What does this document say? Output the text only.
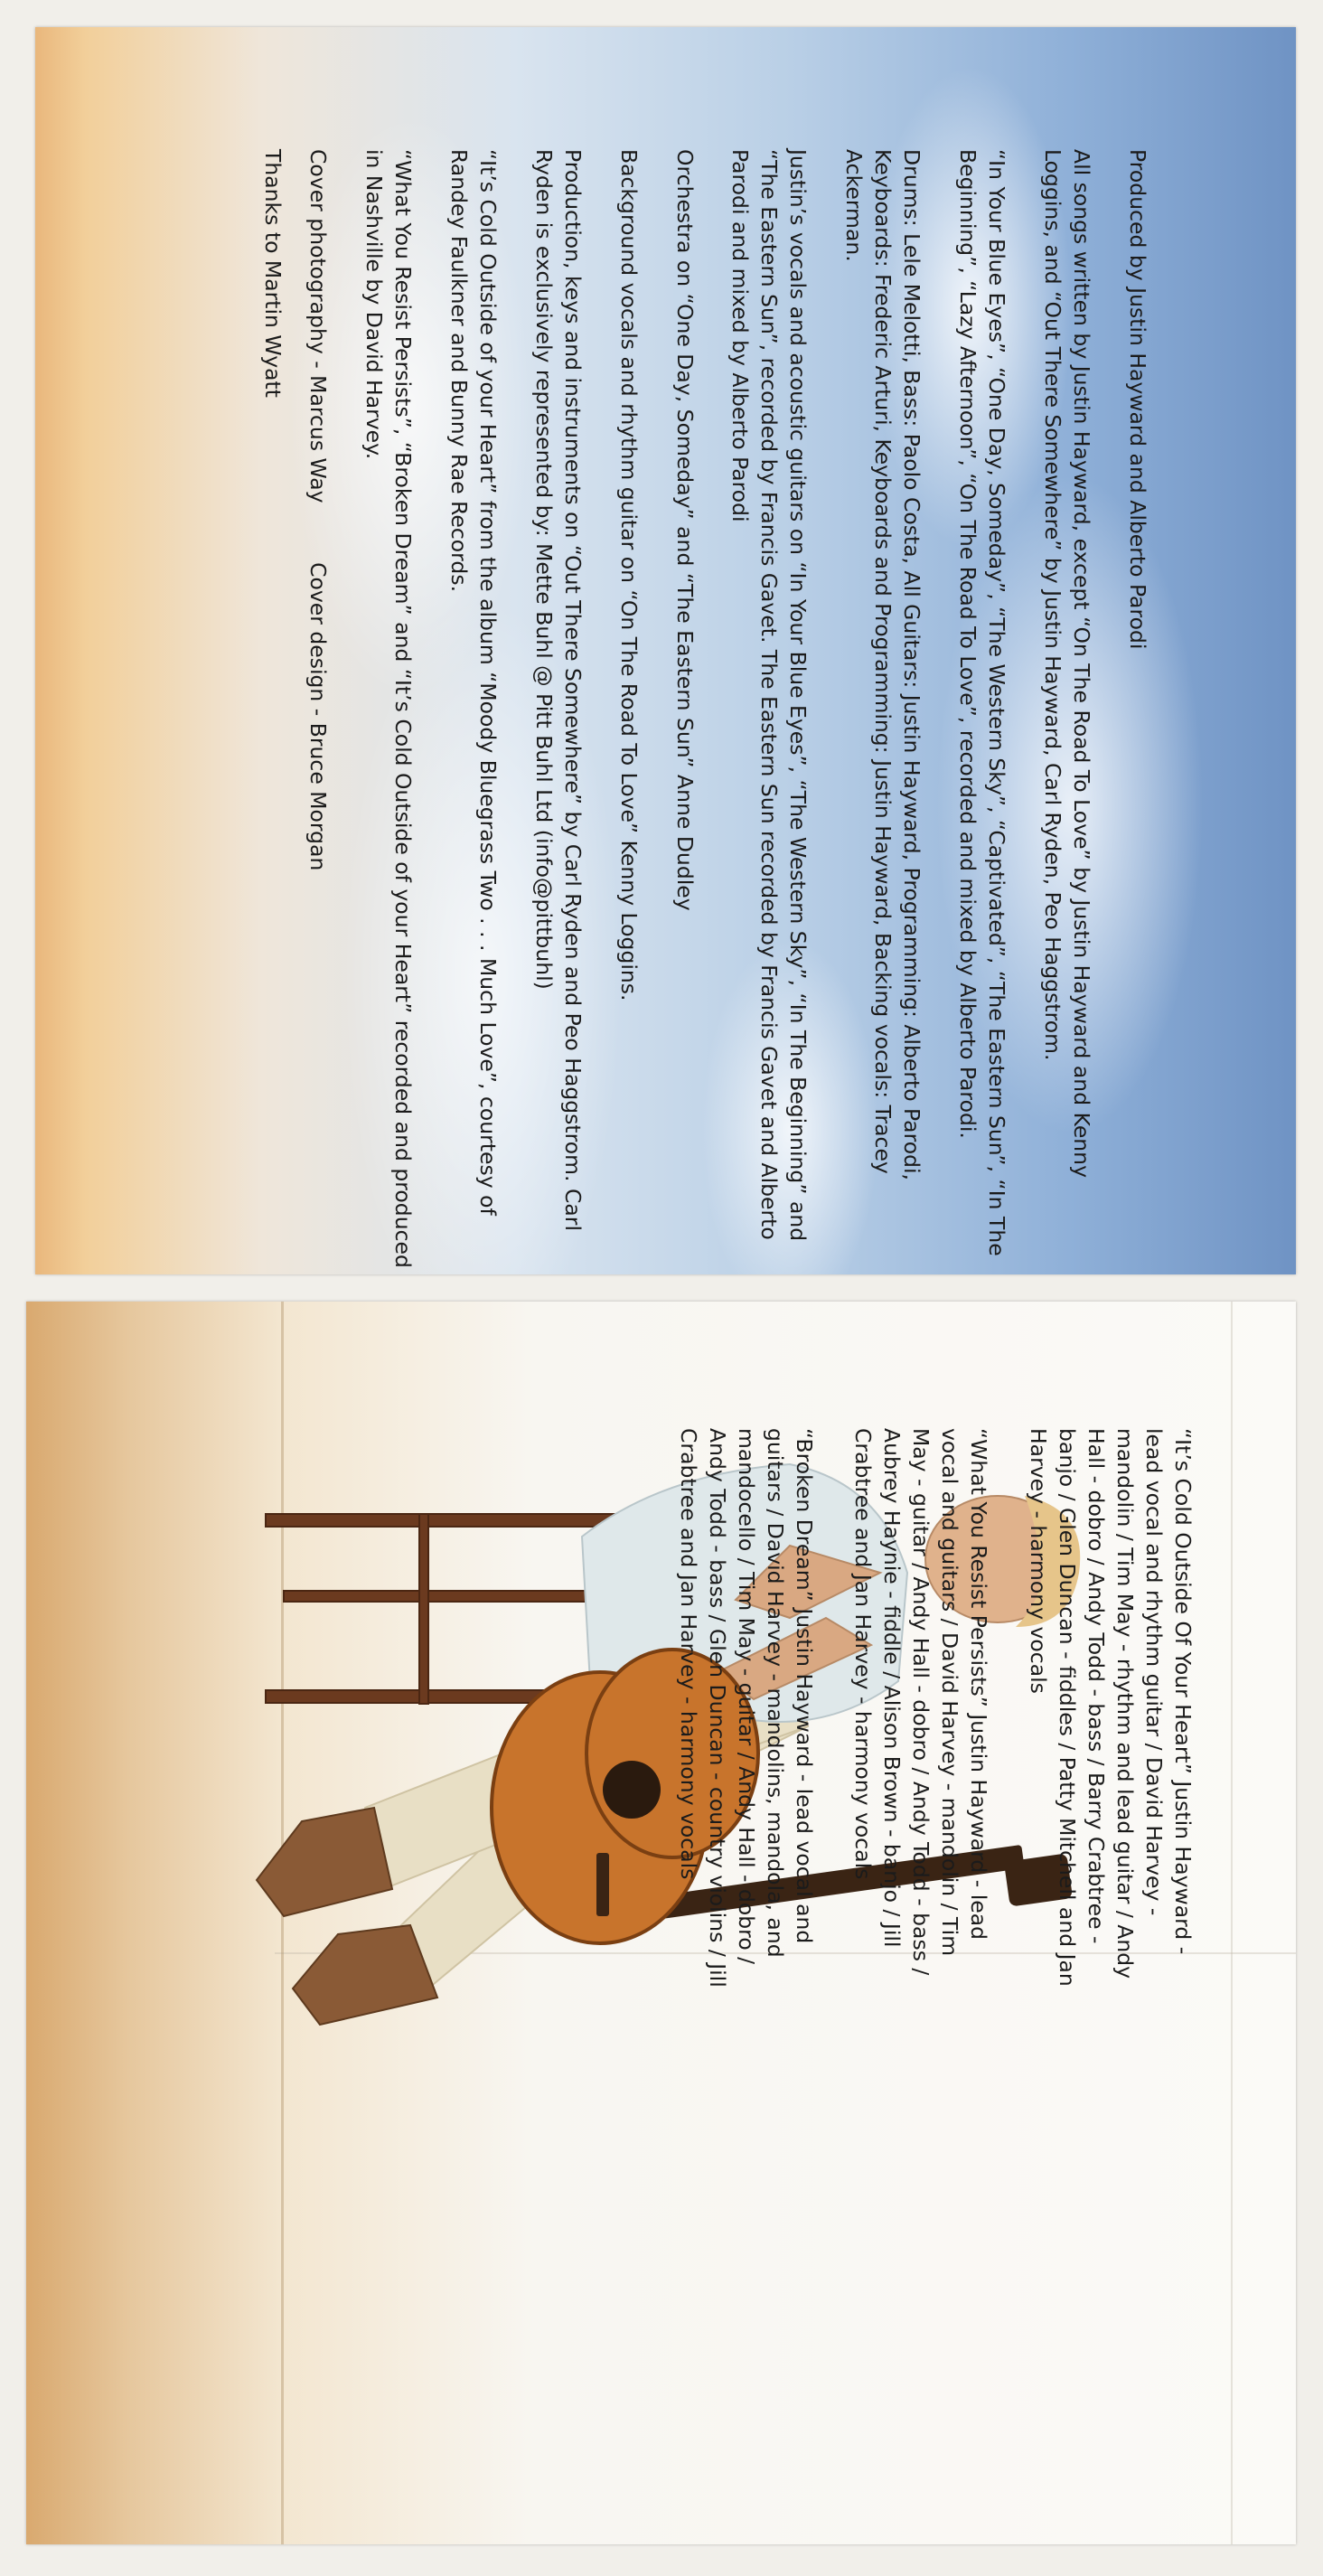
Produced by Justin Hayward and Alberto Parodi

All songs written by Justin Hayward, except “On The Road To Love” by Justin Hayward and Kenny Loggins, and “Out There Somewhere” by Justin Hayward, Carl Ryden, Peo Haggstrom.

“In Your Blue Eyes”, “One Day, Someday”, “The Western Sky”, “Captivated”, “The Eastern Sun”, “In The Beginning”, “Lazy Afternoon”, “On The Road To Love”, recorded and mixed by Alberto Parodi.

Drums: Lele Melotti, Bass: Paolo Costa, All Guitars: Justin Hayward, Programming: Alberto Parodi, Keyboards: Frederic Arturi, Keyboards and Programming: Justin Hayward, Backing vocals: Tracey Ackerman.

Justin’s vocals and acoustic guitars on “In Your Blue Eyes”, “The Western Sky”, “In The Beginning” and “The Eastern Sun”, recorded by Francis Gavet. The Eastern Sun recorded by Francis Gavet and Alberto Parodi and mixed by Alberto Parodi

Orchestra on “One Day, Someday” and “The Eastern Sun” Anne Dudley

Background vocals and rhythm guitar on “On The Road To Love” Kenny Loggins.

Production, keys and instruments on “Out There Somewhere” by Carl Ryden and Peo Haggstrom. Carl Ryden is exclusively represented by: Mette Buhl @ Pitt Buhl Ltd (info@pittbuhl)

“It’s Cold Outside of your Heart” from the album “Moody Bluegrass Two . . . Much Love”, courtesy of Randey Faulkner and Bunny Rae Records.

“What You Resist Persists”, “Broken Dream” and “It’s Cold Outside of your Heart” recorded and produced in Nashville by David Harvey.

Cover photography - Marcus Way Cover design - Bruce Morgan

Thanks to Martin Wyatt

“It’s Cold Outside Of Your Heart” Justin Hayward - lead vocal and rhythm guitar / David Harvey - mandolin / Tim May - rhythm and lead guitar / Andy Hall - dobro / Andy Todd - bass / Barry Crabtree - banjo / Glen Duncan - fiddles / Patty Mitchell and Jan Harvey - harmony vocals

“What You Resist Persists” Justin Hayward - lead vocal and guitars / David Harvey - mandolin / Tim May - guitar / Andy Hall - dobro / Andy Todd - bass / Aubrey Haynie - fiddle / Alison Brown - banjo / Jill Crabtree and Jan Harvey - harmony vocals

“Broken Dream” Justin Hayward - lead vocal and guitars / David Harvey - mandolins, mandola, and mandocello / Tim May - guitar / Andy Hall - dobro / Andy Todd - bass / Glen Duncan - country violins / Jill Crabtree and Jan Harvey - harmony vocals
